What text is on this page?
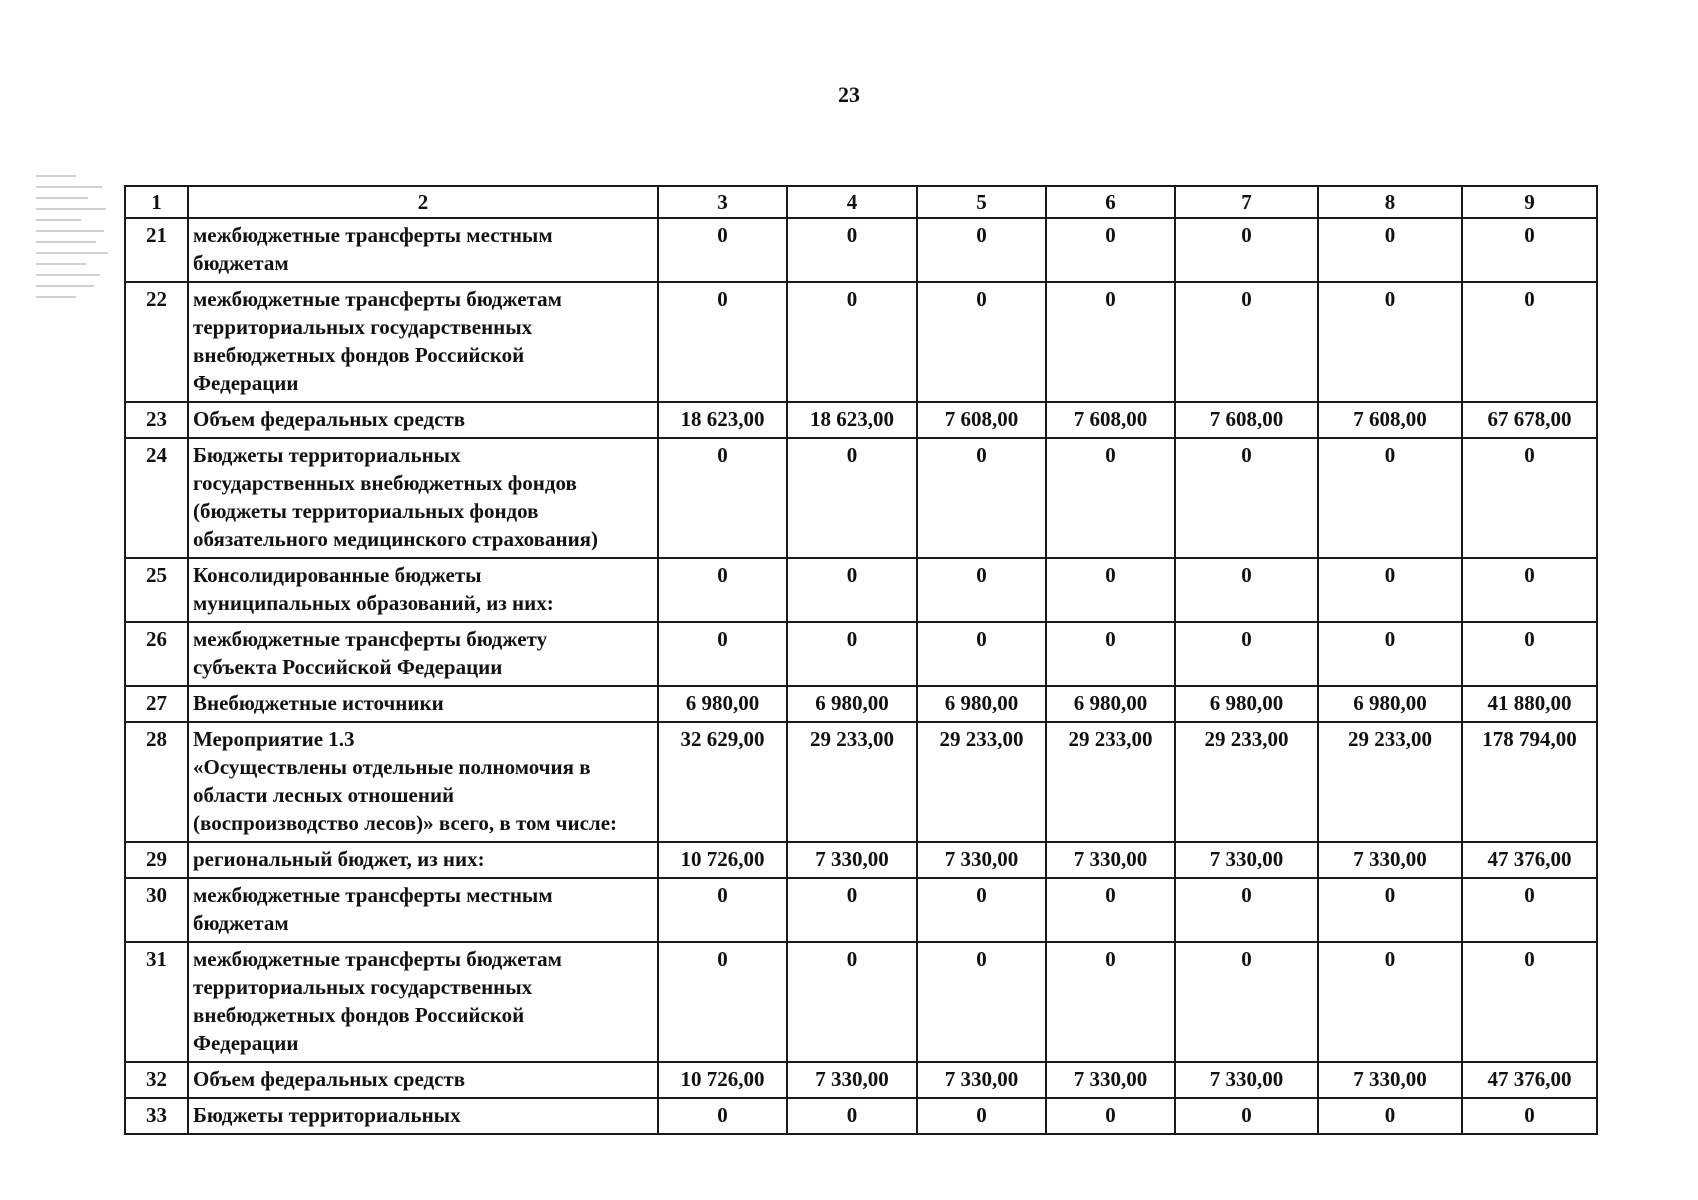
23
1	2	3	4	5	6	7	8	9
21	межбюджетные трансферты местным
бюджетам	0	0	0	0	0	0	0
22	межбюджетные трансферты бюджетам
территориальных государственных
внебюджетных фондов Российской
Федерации	0	0	0	0	0	0	0
23	Объем федеральных средств	18 623,00	18 623,00	7 608,00	7 608,00	7 608,00	7 608,00	67 678,00
24	Бюджеты территориальных
государственных внебюджетных фондов
(бюджеты территориальных фондов
обязательного медицинского страхования)	0	0	0	0	0	0	0
25	Консолидированные бюджеты
муниципальных образований, из них:	0	0	0	0	0	0	0
26	межбюджетные трансферты бюджету
субъекта Российской Федерации	0	0	0	0	0	0	0
27	Внебюджетные источники	6 980,00	6 980,00	6 980,00	6 980,00	6 980,00	6 980,00	41 880,00
28	Мероприятие 1.3
«Осуществлены отдельные полномочия в
области лесных отношений
(воспроизводство лесов)» всего, в том числе:	32 629,00	29 233,00	29 233,00	29 233,00	29 233,00	29 233,00	178 794,00
29	региональный бюджет, из них:	10 726,00	7 330,00	7 330,00	7 330,00	7 330,00	7 330,00	47 376,00
30	межбюджетные трансферты местным
бюджетам	0	0	0	0	0	0	0
31	межбюджетные трансферты бюджетам
территориальных государственных
внебюджетных фондов Российской
Федерации	0	0	0	0	0	0	0
32	Объем федеральных средств	10 726,00	7 330,00	7 330,00	7 330,00	7 330,00	7 330,00	47 376,00
33	Бюджеты территориальных	0	0	0	0	0	0	0
